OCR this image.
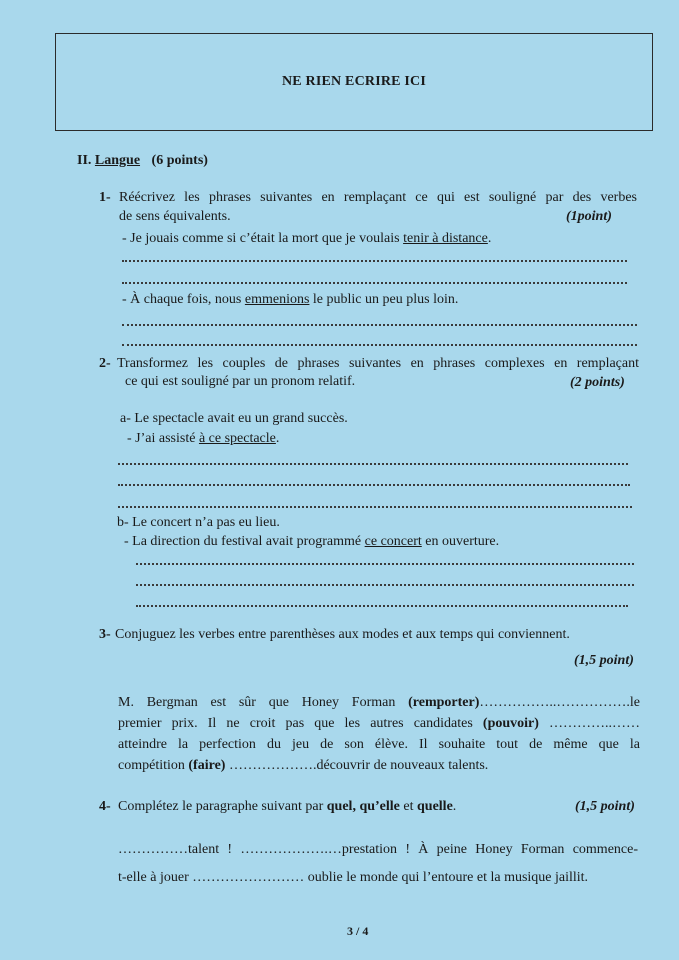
NE RIEN ECRIRE ICI
II. Langue (6 points)
1- Réécrivez les phrases suivantes en remplaçant ce qui est souligné par des verbes
de sens équivalents.	(1point)
- Je jouais comme si c’était la mort que je voulais tenir à distance.
- À chaque fois, nous emmenions le public un peu plus loin.
2- Transformez les couples de phrases suivantes en phrases complexes en remplaçant
ce qui est souligné par un pronom relatif.	(2 points)
a- Le spectacle avait eu un grand succès.
- J’ai assisté à ce spectacle.
b- Le concert n’a pas eu lieu.
- La direction du festival avait programmé ce concert en ouverture.
3- Conjuguez les verbes entre parenthèses aux modes et aux temps qui conviennent.
(1,5 point)
M. Bergman est sûr que Honey Forman (remporter)……………..…………….le
premier prix. Il ne croit pas que les autres candidates (pouvoir) …………..……
atteindre la perfection du jeu de son élève. Il souhaite tout de même que la
compétition (faire) ……………….découvrir de nouveaux talents.
4- Complétez le paragraphe suivant par quel, qu’elle et quelle.	(1,5 point)
……………talent ! ……………….…prestation ! À peine Honey Forman commence-
t-elle à jouer …………………… oublie le monde qui l’entoure et la musique jaillit.
3 / 4
